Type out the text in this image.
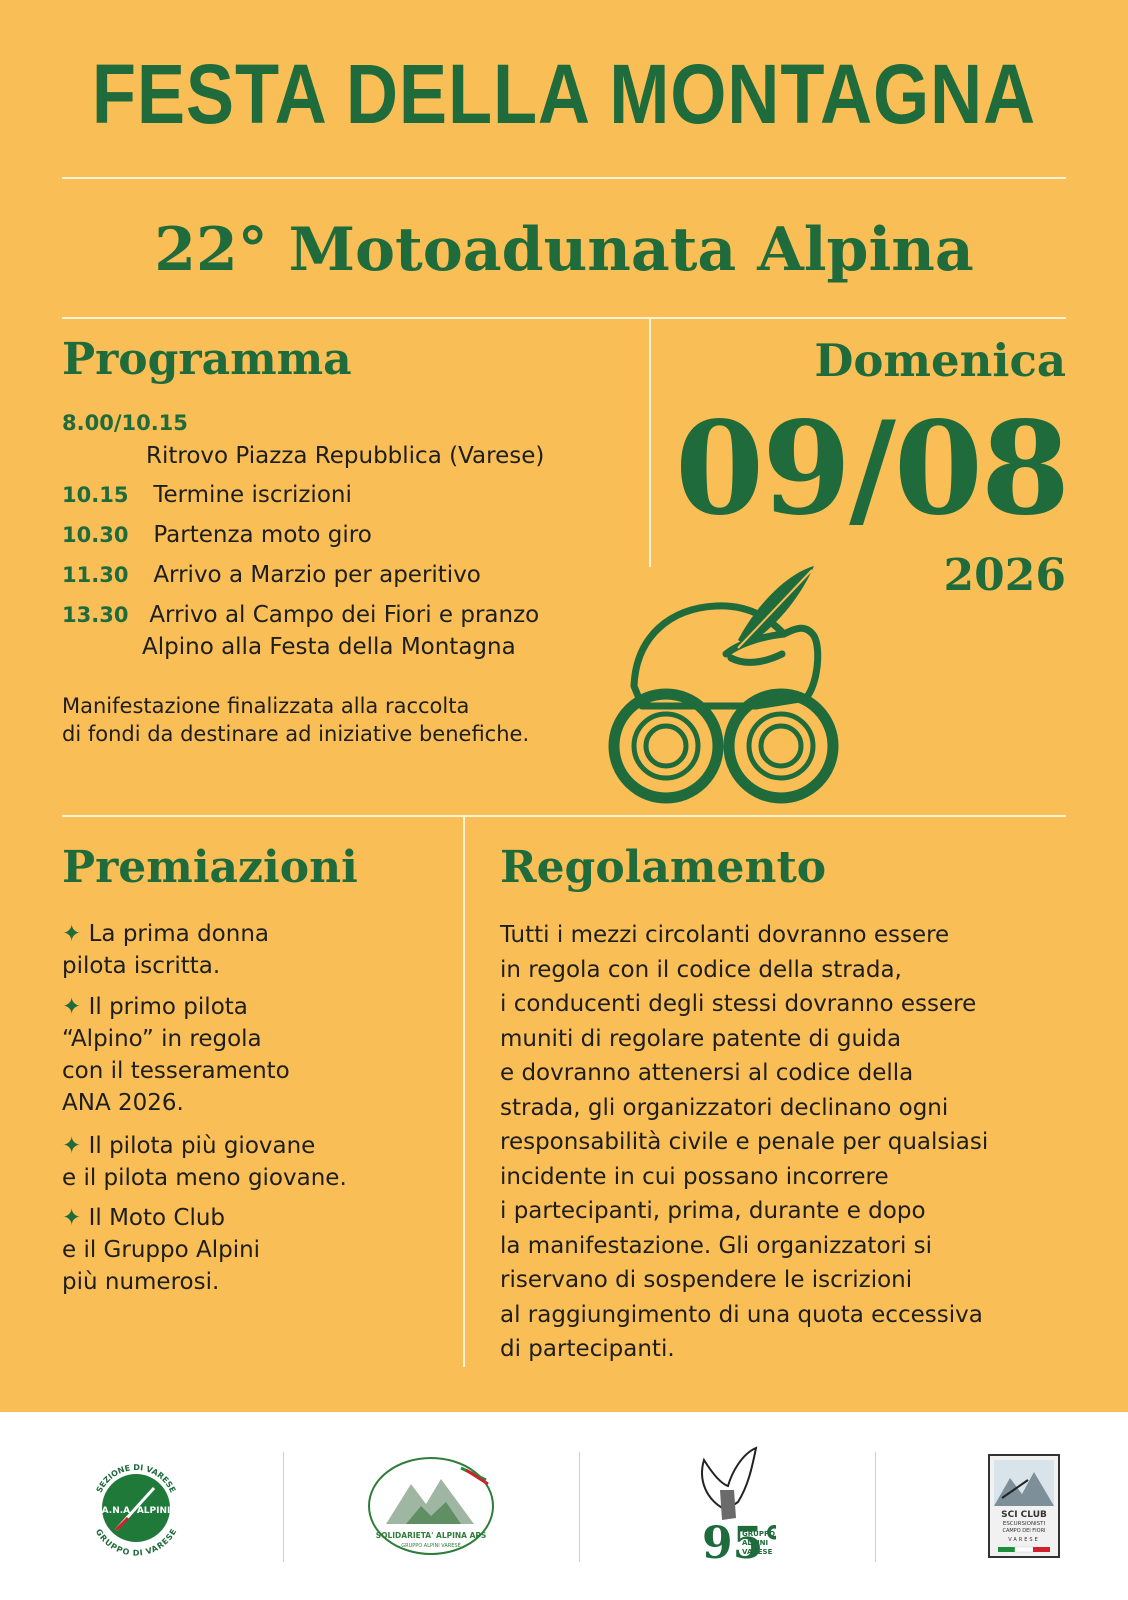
FESTA DELLA MONTAGNA
22° Motoadunata Alpina
Programma
8.00/10.15
Ritrovo Piazza Repubblica (Varese)
10.15 Termine iscrizioni
10.30 Partenza moto giro
11.30 Arrivo a Marzio per aperitivo
13.30 Arrivo al Campo dei Fiori e pranzo
Alpino alla Festa della Montagna
Manifestazione finalizzata alla raccolta
di fondi da destinare ad iniziative benefiche.
Domenica
09/08
2026
Premiazioni
✦ La prima donna
pilota iscritta.
✦ Il primo pilota
“Alpino” in regola
con il tesseramento
ANA 2026.
✦ Il pilota più giovane
e il pilota meno giovane.
✦ Il Moto Club
e il Gruppo Alpini
più numerosi.
Regolamento
Tutti i mezzi circolanti dovranno essere
in regola con il codice della strada,
i conducenti degli stessi dovranno essere
muniti di regolare patente di guida
e dovranno attenersi al codice della
strada, gli organizzatori declinano ogni
responsabilità civile e penale per qualsiasi
incidente in cui possano incorrere
i partecipanti, prima, durante e dopo
la manifestazione. Gli organizzatori si
riservano di sospendere le iscrizioni
al raggiungimento di una quota eccessiva
di partecipanti.
SEZIONE DI VARESE
GRUPPO DI VARESE
A.N.A. ALPINI
SOLIDARIETA' ALPINA APS
GRUPPO ALPINI VARESE	95°
GRUPPO
ALPINI
VARESE
SCI CLUB
ESCURSIONISTI
CAMPO DEI FIORI
VARESE
